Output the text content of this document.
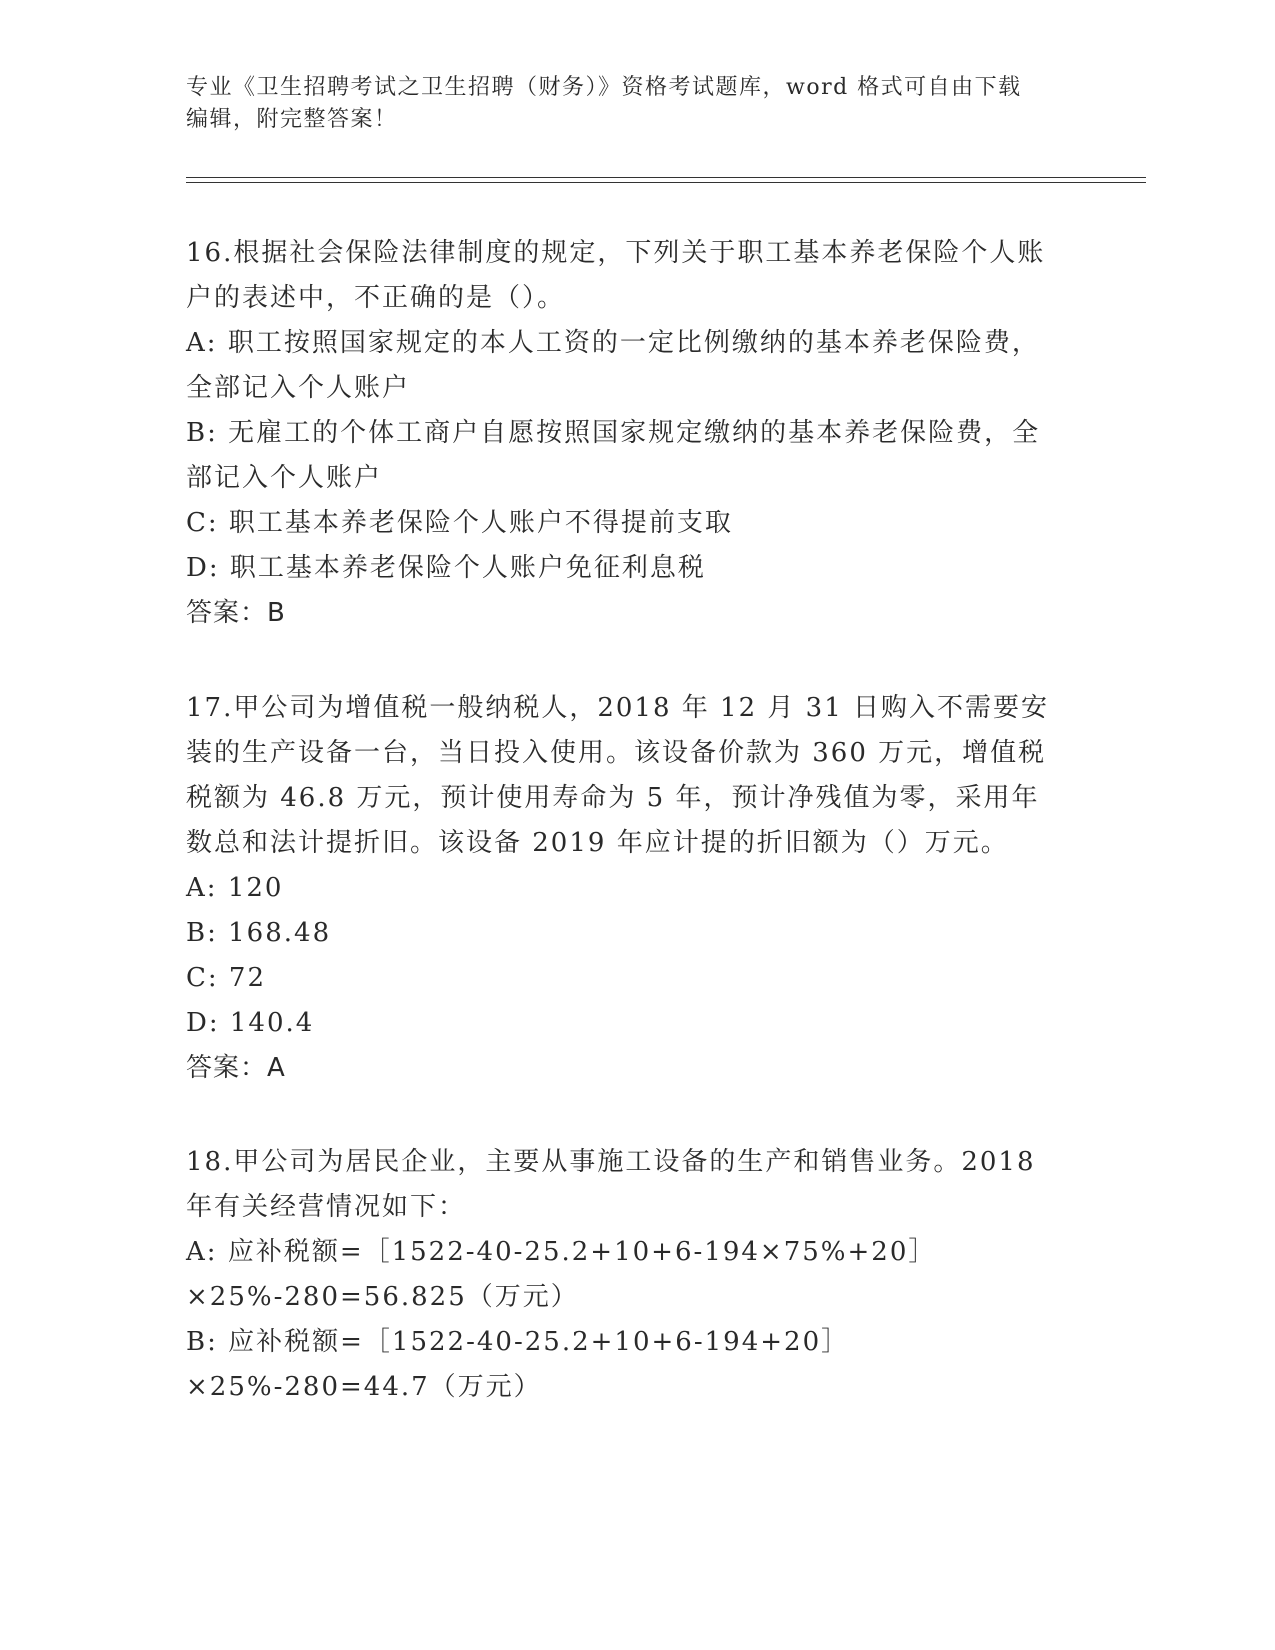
专业《卫生招聘考试之卫生招聘（财务）》资格考试题库，word 格式可自由下载
编辑，附完整答案！

16.根据社会保险法律制度的规定，下列关于职工基本养老保险个人账户的表述中，不正确的是（）。

A: 职工按照国家规定的本人工资的一定比例缴纳的基本养老保险费，全部记入个人账户

B: 无雇工的个体工商户自愿按照国家规定缴纳的基本养老保险费，全部记入个人账户

C: 职工基本养老保险个人账户不得提前支取

D: 职工基本养老保险个人账户免征利息税

答案：B

17.甲公司为增值税一般纳税人，2018 年 12 月 31 日购入不需要安装的生产设备一台，当日投入使用。该设备价款为 360 万元，增值税税额为 46.8 万元，预计使用寿命为 5 年，预计净残值为零，采用年数总和法计提折旧。该设备 2019 年应计提的折旧额为（）万元。

A: 120

B: 168.48

C: 72

D: 140.4

答案：A

18.甲公司为居民企业，主要从事施工设备的生产和销售业务。2018 年有关经营情况如下：

A: 应补税额=［1522-40-25.2+10+6-194×75%+20］×25%-280=56.825（万元）

B: 应补税额=［1522-40-25.2+10+6-194+20］×25%-280=44.7（万元）
